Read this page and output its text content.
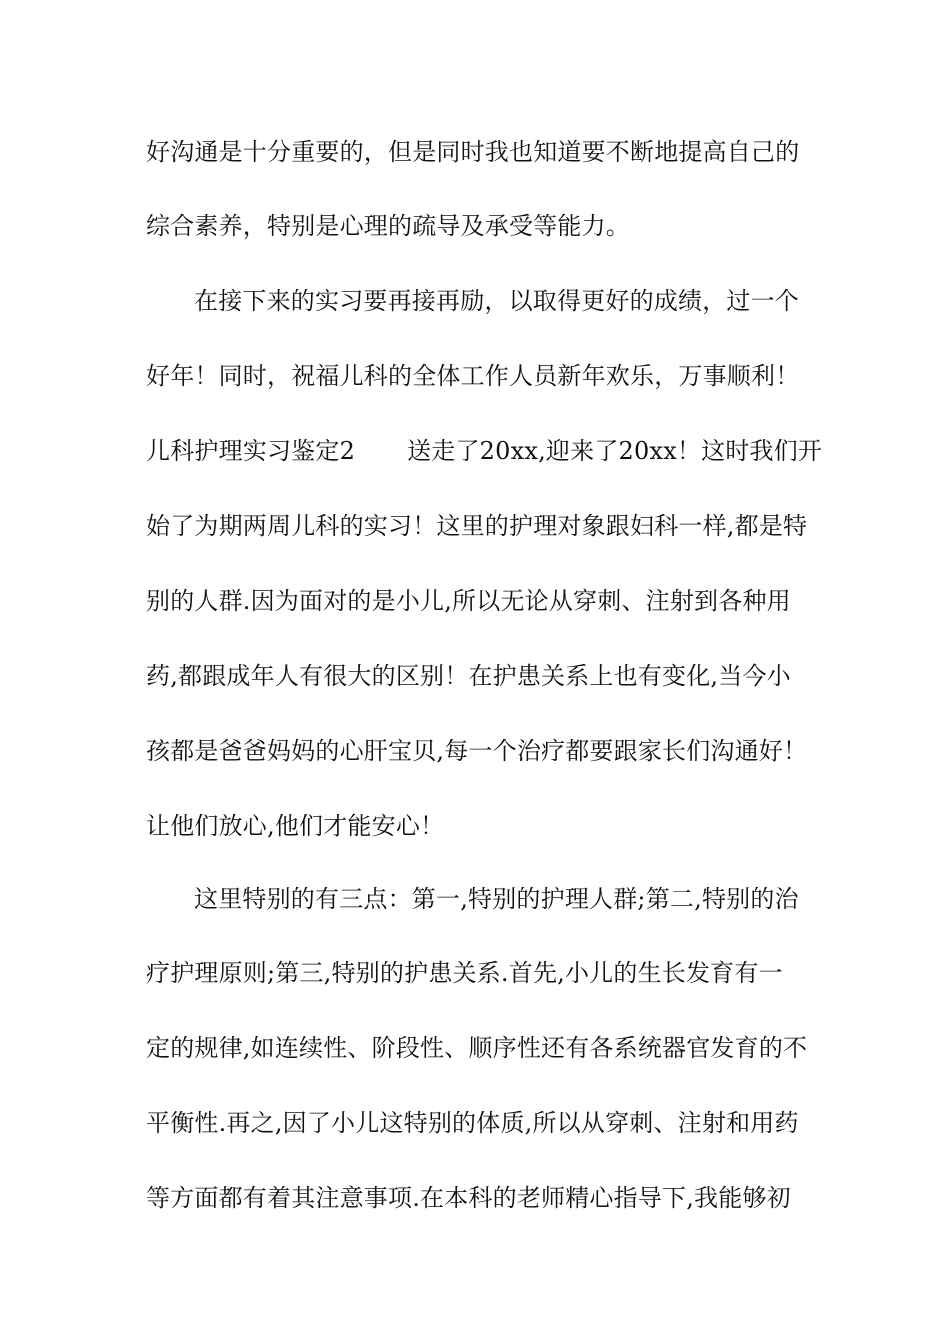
好沟通是十分重要的，但是同时我也知道要不断地提高自己的
综合素养，特别是心理的疏导及承受等能力。
在接下来的实习要再接再励，以取得更好的成绩，过一个
好年！同时，祝福儿科的全体工作人员新年欢乐，万事顺利！
儿科护理实习鉴定2 送走了20xx,迎来了20xx！这时我们开
始了为期两周儿科的实习！这里的护理对象跟妇科一样,都是特
别的人群.因为面对的是小儿,所以无论从穿刺、注射到各种用
药,都跟成年人有很大的区别！在护患关系上也有变化,当今小
孩都是爸爸妈妈的心肝宝贝,每一个治疗都要跟家长们沟通好！
让他们放心,他们才能安心！
这里特别的有三点：第一,特别的护理人群;第二,特别的治
疗护理原则;第三,特别的护患关系.首先,小儿的生长发育有一
定的规律,如连续性、阶段性、顺序性还有各系统器官发育的不
平衡性.再之,因了小儿这特别的体质,所以从穿刺、注射和用药
等方面都有着其注意事项.在本科的老师精心指导下,我能够初
